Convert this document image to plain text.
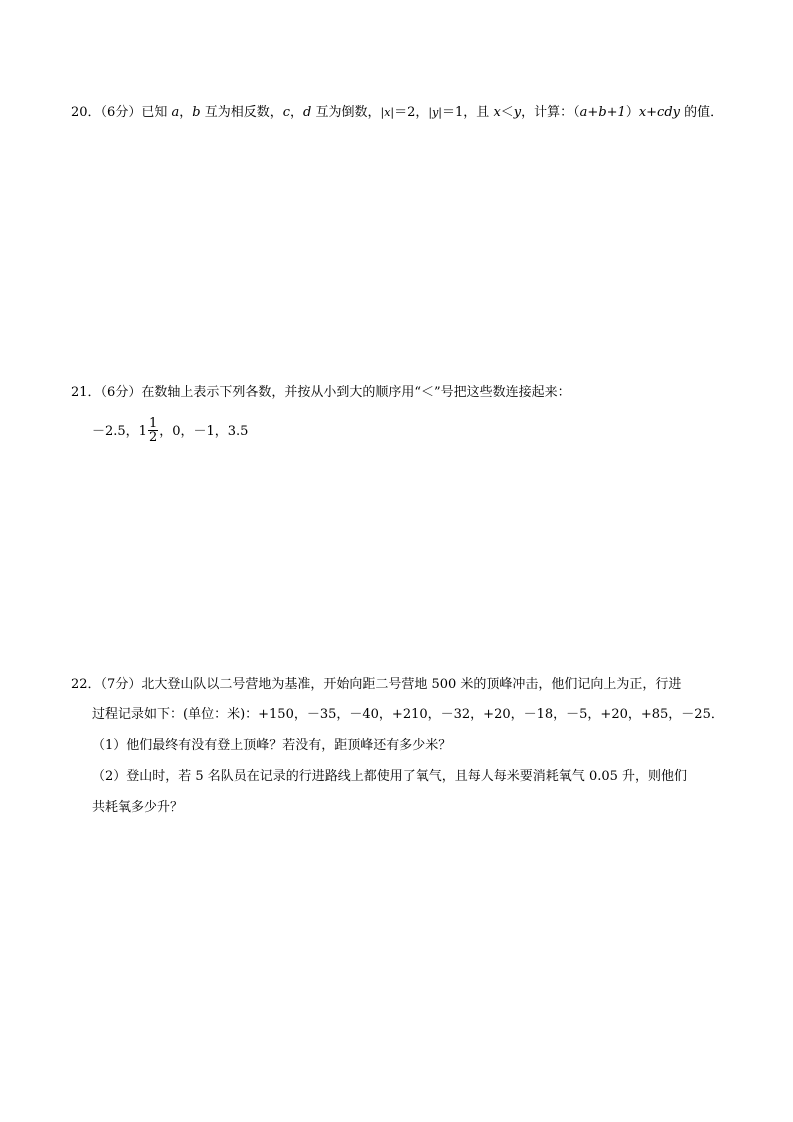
20．（6分）已知 a，b 互为相反数，c，d 互为倒数，|x|＝2，|y|＝1，且 x＜y，计算：（a+b+1）x+cdy 的值．
21．（6分）在数轴上表示下列各数，并按从小到大的顺序用“＜”号把这些数连接起来：
－2.5，$1 \frac{1}{2}$ ，0，－1，3.5
22．（7分）北大登山队以二号营地为基准，开始向距二号营地 500 米的顶峰冲击，他们记向上为正，行进
过程记录如下：(单位：米)：+150，－35，－40，+210，－32，+20，－18，－5，+20，+85，－25．
（1）他们最终有没有登上顶峰？若没有，距顶峰还有多少米？
（2）登山时，若 5 名队员在记录的行进路线上都使用了氧气，且每人每米要消耗氧气 0.05 升，则他们
共耗氧多少升？
